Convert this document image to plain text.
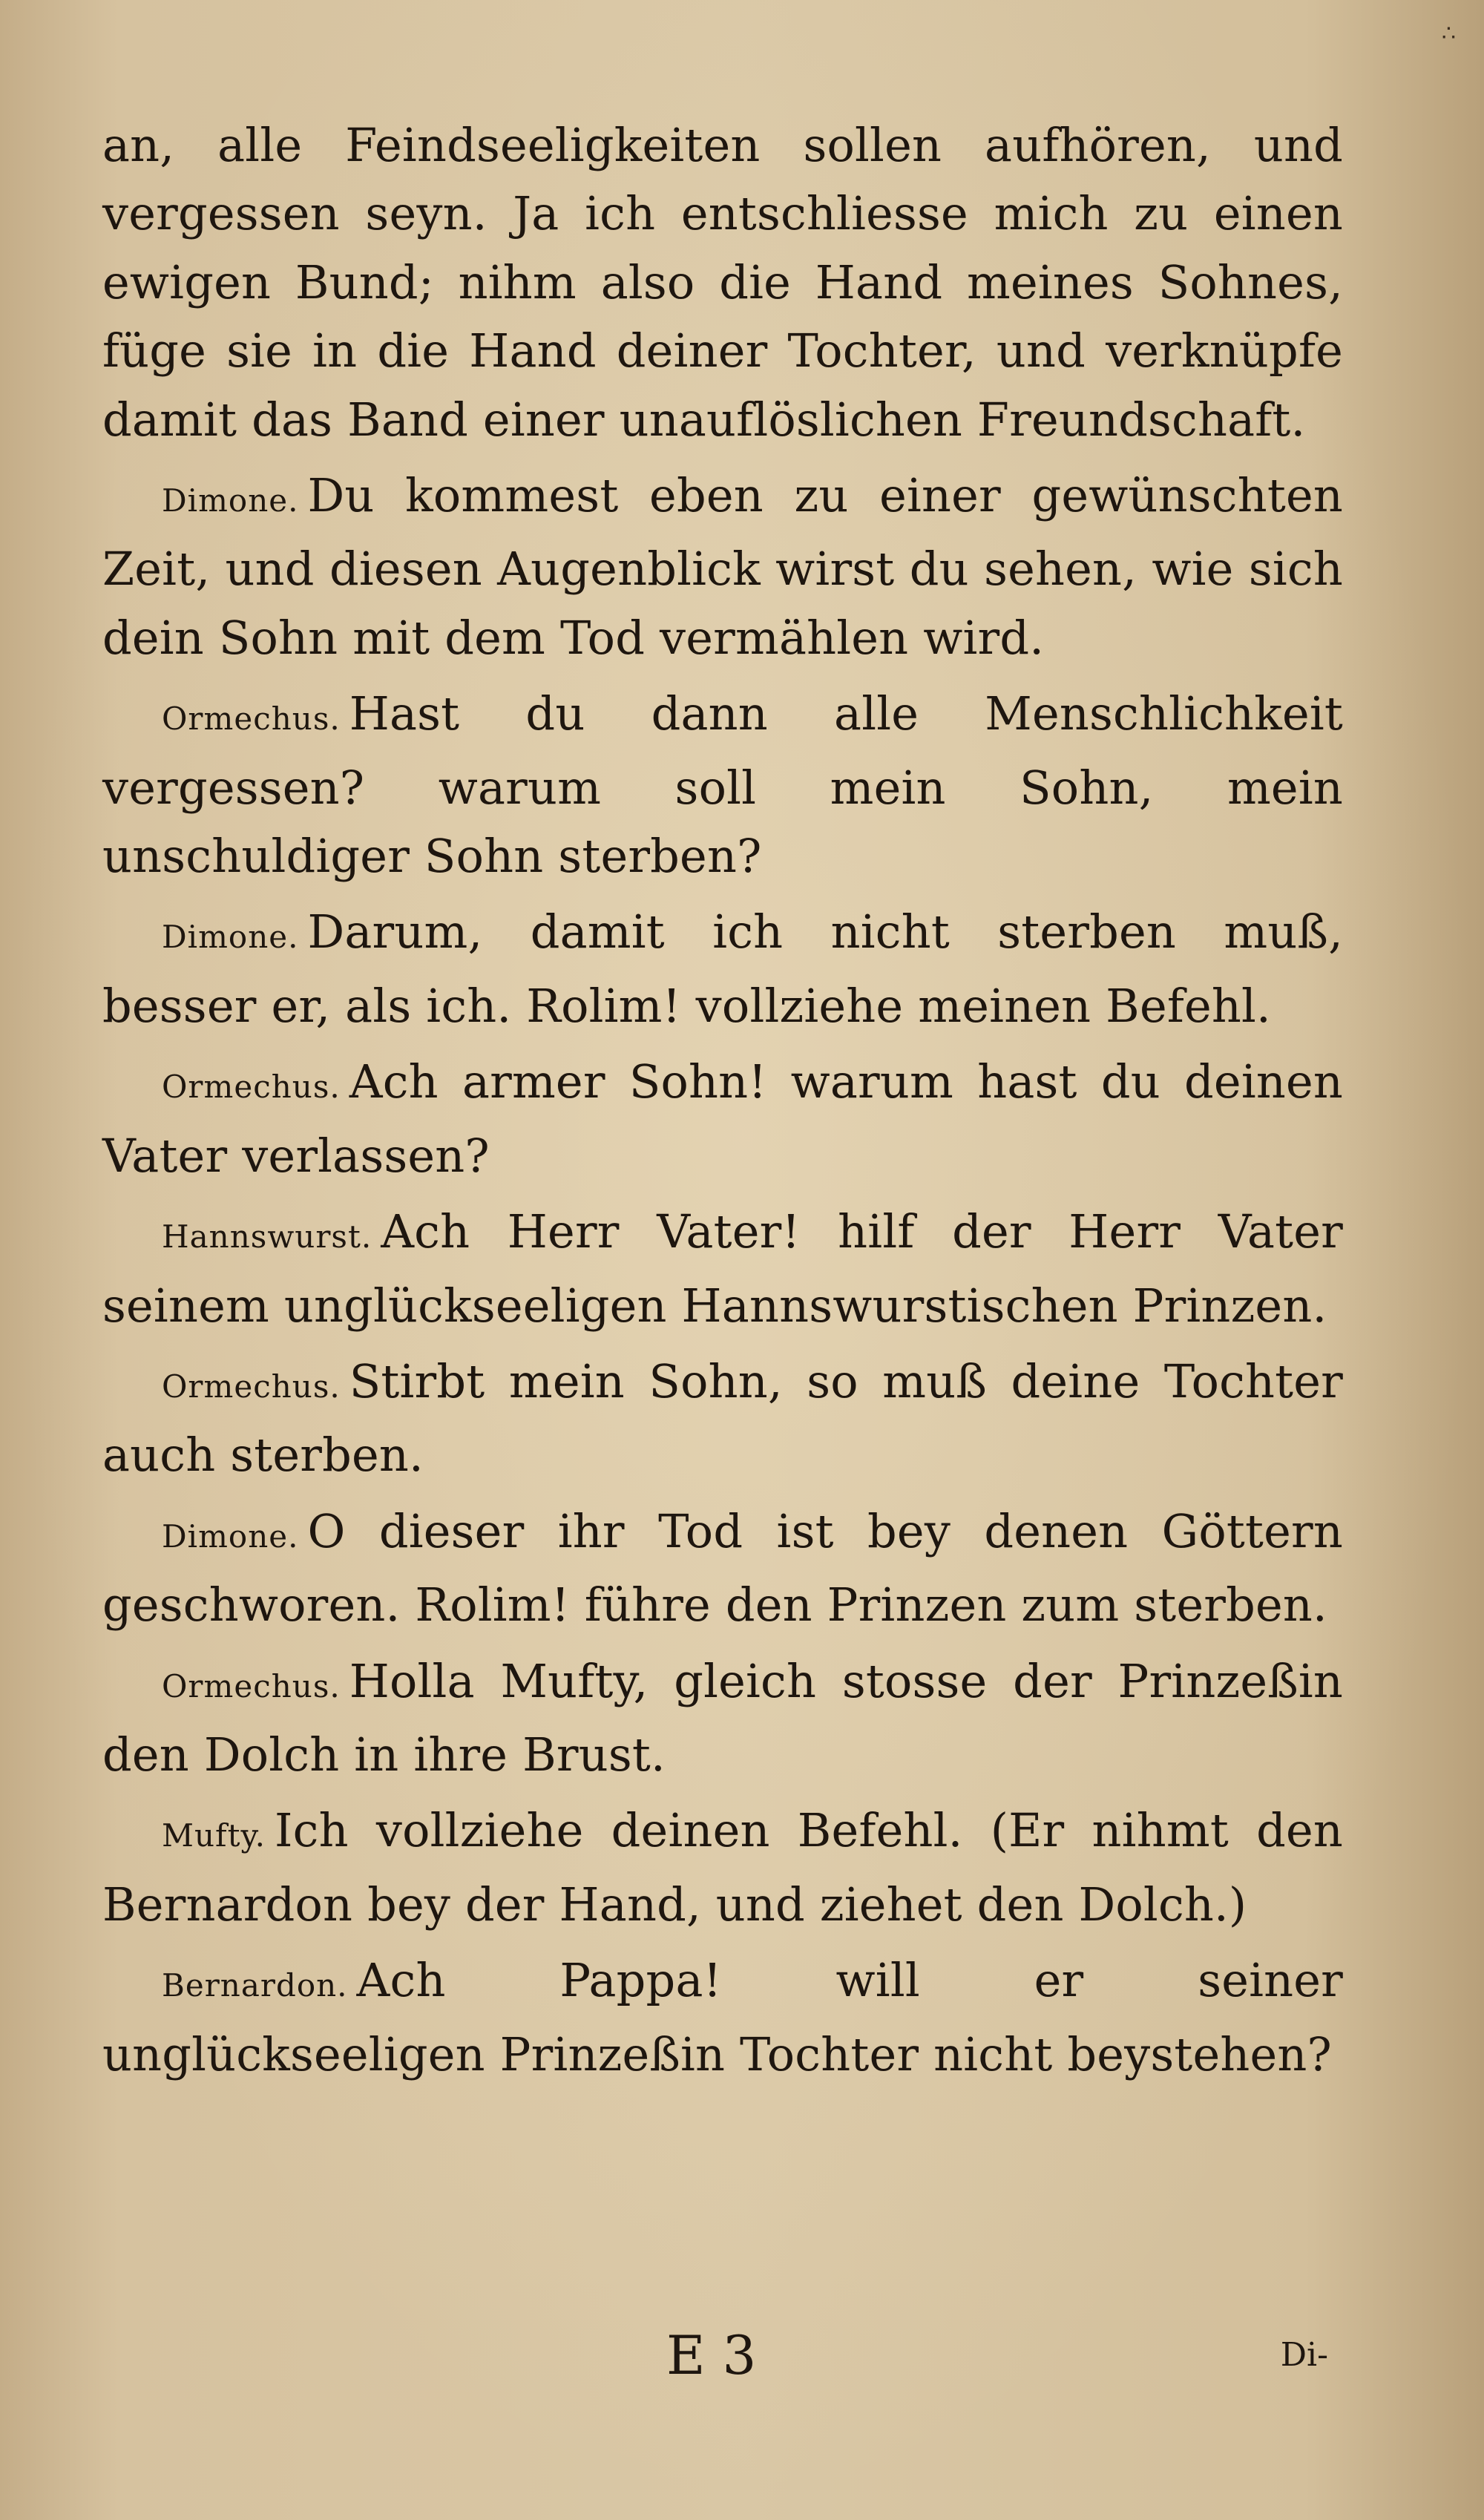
∴

an, alle Feindseeligkeiten sollen aufhören, und vergessen seyn. Ja ich entschliesse mich zu einen ewigen Bund; nihm also die Hand meines Sohnes, füge sie in die Hand deiner Tochter, und verknüpfe damit das Band einer unauflöslichen Freundschaft.

Dimone. Du kommest eben zu einer gewünschten Zeit, und diesen Augenblick wirst du sehen, wie sich dein Sohn mit dem Tod vermählen wird.

Ormechus. Hast du dann alle Menschlichkeit vergessen? warum soll mein Sohn, mein unschuldiger Sohn sterben?

Dimone. Darum, damit ich nicht sterben muß, besser er, als ich. Rolim! vollziehe meinen Befehl.

Ormechus. Ach armer Sohn! warum hast du deinen Vater verlassen?

Hannswurst. Ach Herr Vater! hilf der Herr Vater seinem unglückseeligen Hannswurstischen Prinzen.

Ormechus. Stirbt mein Sohn, so muß deine Tochter auch sterben.

Dimone. O dieser ihr Tod ist bey denen Göttern geschworen. Rolim! führe den Prinzen zum sterben.

Ormechus. Holla Mufty, gleich stosse der Prinzeßin den Dolch in ihre Brust.

Mufty. Ich vollziehe deinen Befehl. (Er nihmt den Bernardon bey der Hand, und ziehet den Dolch.)

Bernardon. Ach Pappa! will er seiner unglückseeligen Prinzeßin Tochter nicht beystehen?

E 3	Di-
